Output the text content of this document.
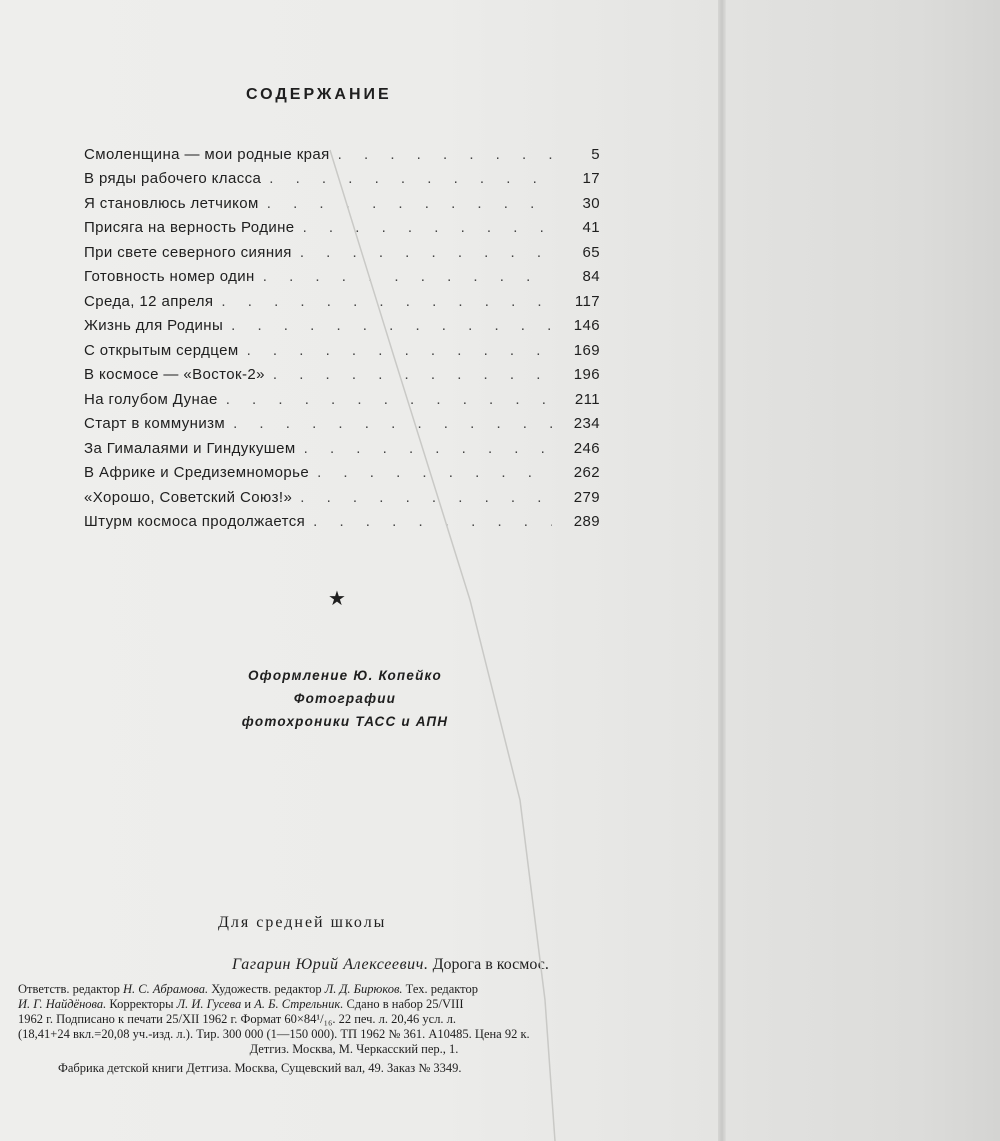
СОДЕРЖАНИЕ
Смоленщина — мои родные края . . .	5
В ряды рабочего класса . . .	17
Я становлюсь летчиком . . .	30
Присяга на верность Родине . . .	41
При свете северного сияния . . .	65
Готовность номер один . . .	84
Среда, 12 апреля . . .	117
Жизнь для Родины . . .	146
С открытым сердцем . . .	169
В космосе — «Восток-2» . . .	196
На голубом Дунае . . .	211
Старт в коммунизм . . .	234
За Гималаями и Гиндукушем . . .	246
В Африке и Средиземноморье . . .	262
«Хорошо, Советский Союз!» . . .	279
Штурм космоса продолжается . . .	289
★
Оформление Ю. Копейко
Фотографии
фотохроники ТАСС и АПН
Для средней школы
Гагарин Юрий Алексеевич. Дорога в космос.
Ответств. редактор Н. С. Абрамова. Художеств. редактор Л. Д. Бирюков. Тех. редактор
И. Г. Найдёнова. Корректоры Л. И. Гусева и А. Б. Стрельник. Сдано в набор 25/VIII
1962 г. Подписано к печати 25/XII 1962 г. Формат 60×84¹/₁₆. 22 печ. л. 20,46 усл. л.
(18,41+24 вкл.=20,08 уч.-изд. л.). Тир. 300 000 (1—150 000). ТП 1962 № 361. А10485. Цена 92 к.
Детгиз. Москва, М. Черкасский пер., 1.
Фабрика детской книги Детгиза. Москва, Сущевский вал, 49. Заказ № 3349.
